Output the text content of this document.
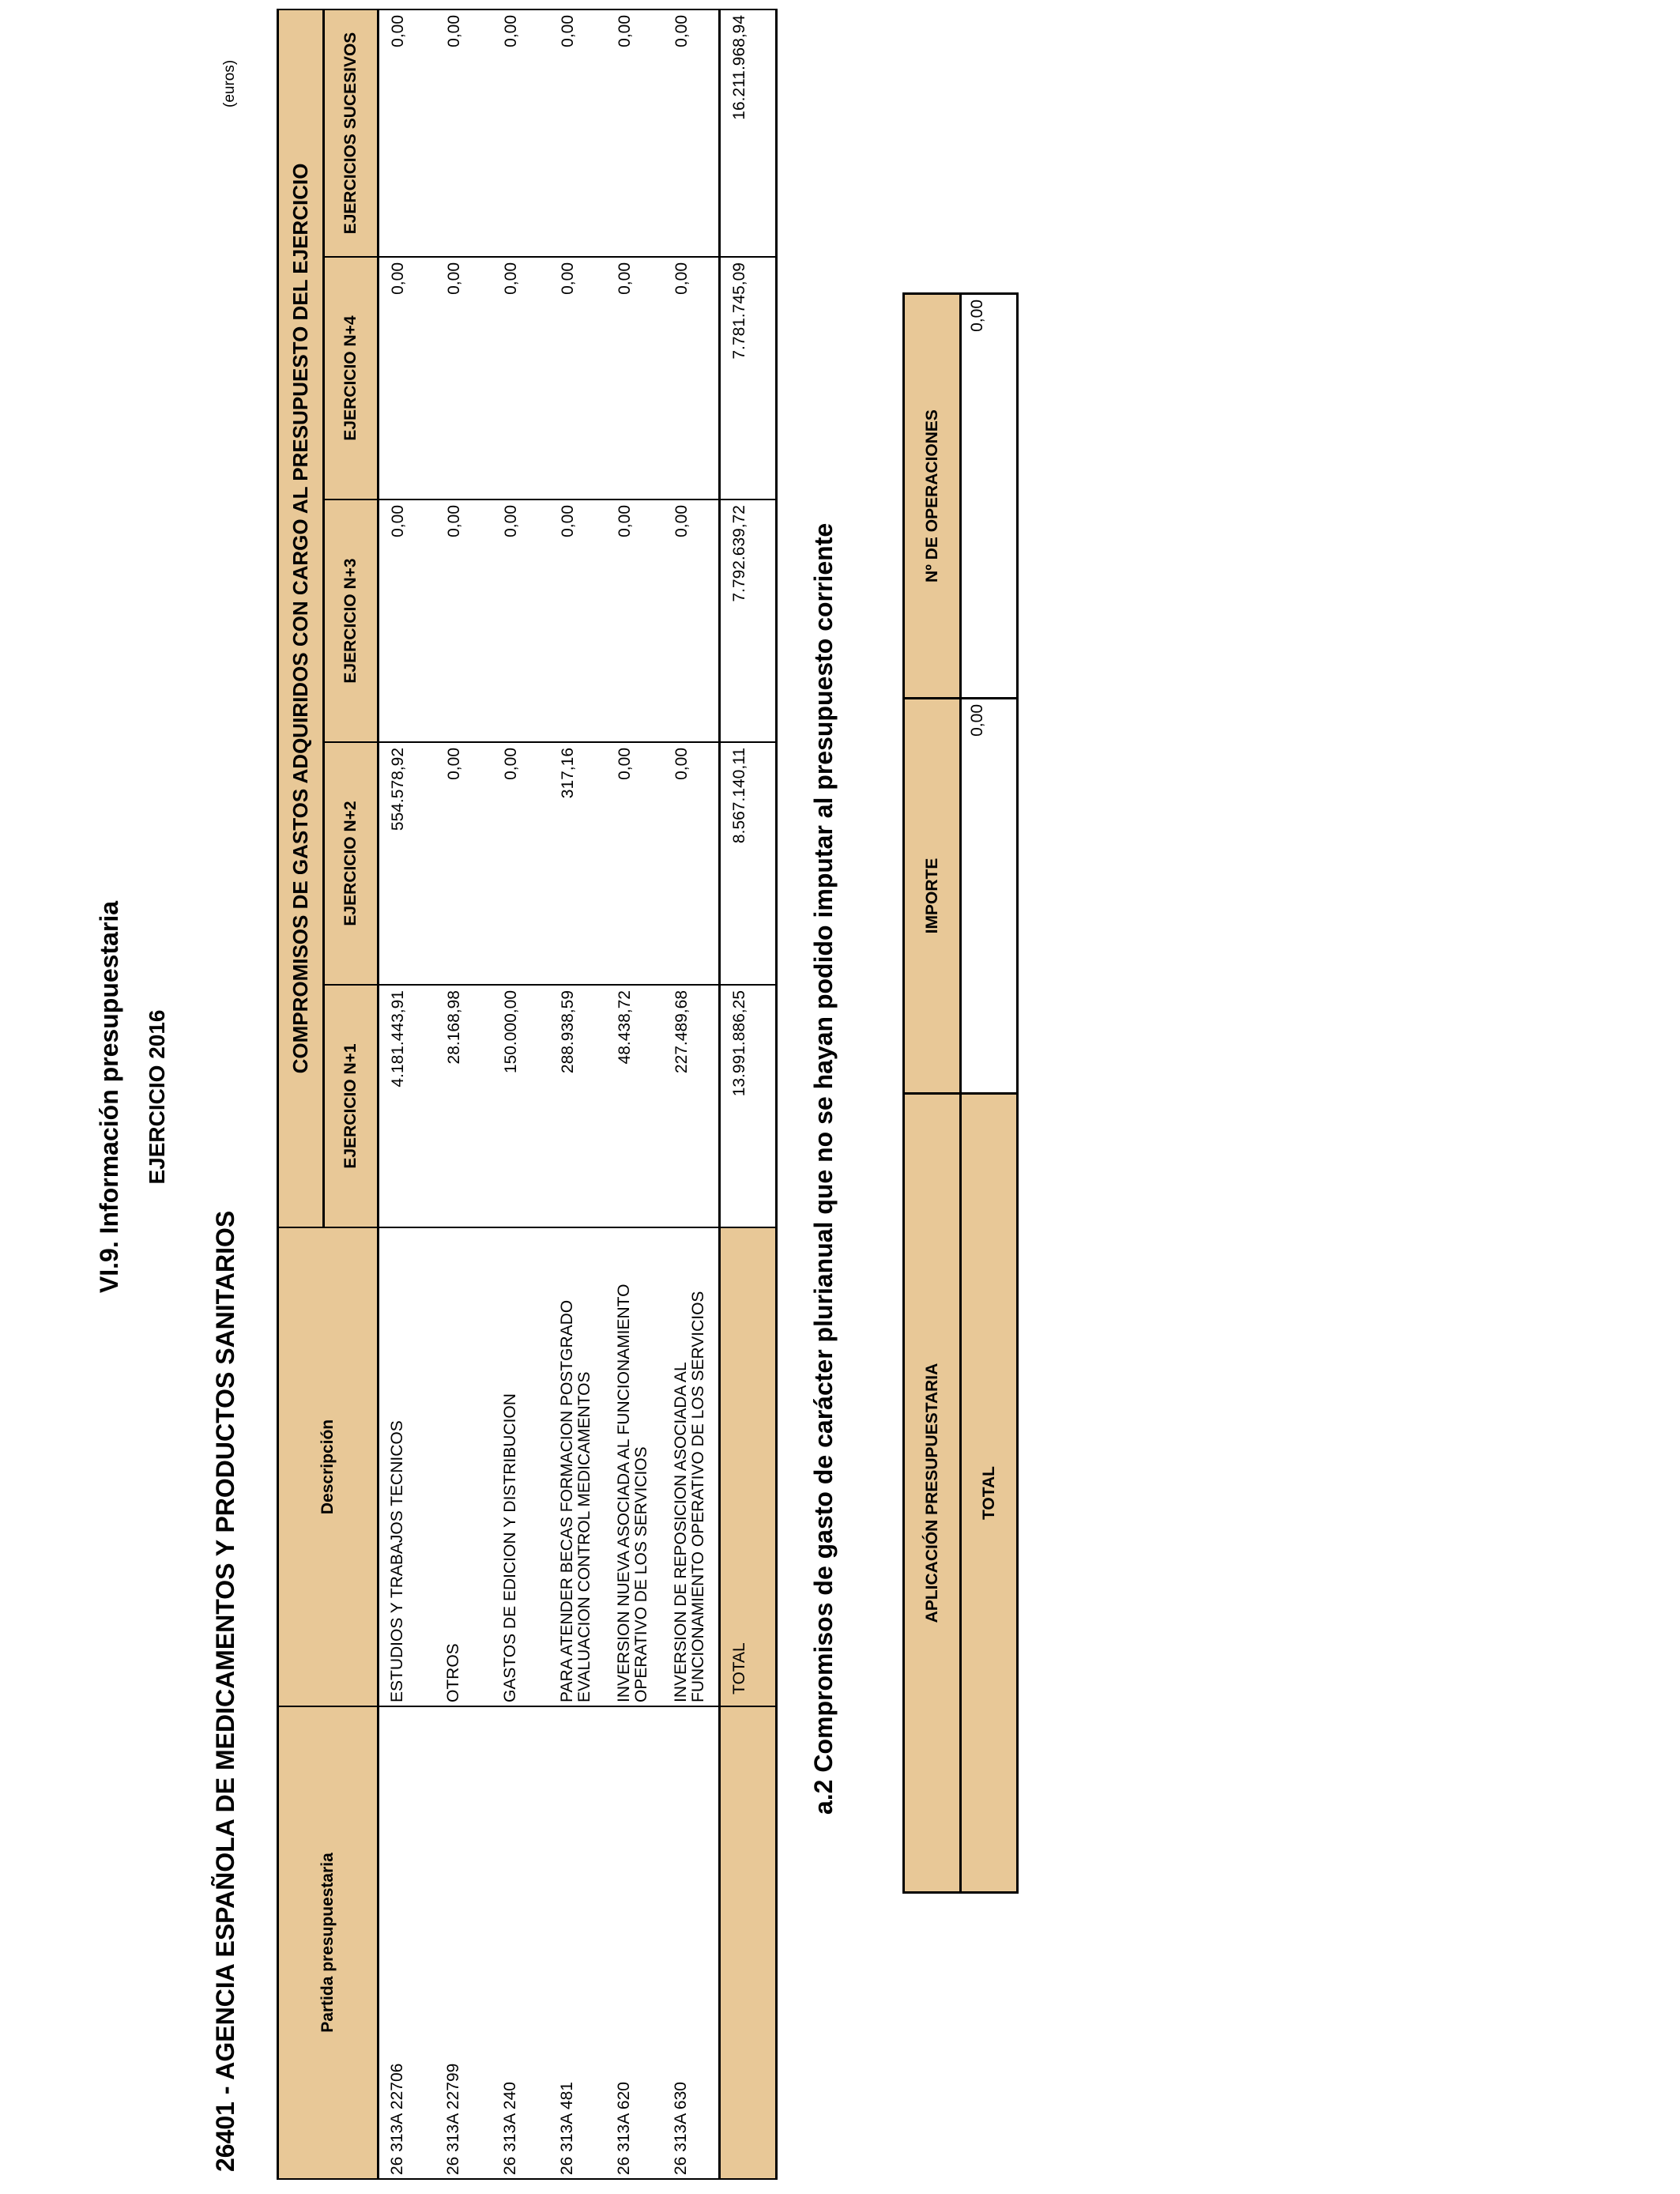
VI.9. Información presupuestaria EJERCICIO 2016
26401 - AGENCIA ESPAÑOLA DE MEDICAMENTOS Y PRODUCTOS SANITARIOS
(euros)
Partida presupuestaria	Descripción	COMPROMISOS DE GASTOS ADQUIRIDOS CON CARGO AL PRESUPUESTO DEL EJERCICIO				
		EJERCICIO N+1	EJERCICIO N+2	EJERCICIO N+3	EJERCICIO N+4	EJERCICIOS SUCESIVOS
26 313A 22706	ESTUDIOS Y TRABAJOS TECNICOS	4.181.443,91	554.578,92	0,00	0,00	0,00
26 313A 22799	OTROS	28.168,98	0,00	0,00	0,00	0,00
26 313A 240	GASTOS DE EDICION Y DISTRIBUCION	150.000,00	0,00	0,00	0,00	0,00
26 313A 481	PARA ATENDER BECAS FORMACION POSTGRADO EVALUACION CONTROL MEDICAMENTOS	288.938,59	317,16	0,00	0,00	0,00
26 313A 620	INVERSION NUEVA ASOCIADA AL FUNCIONAMIENTO OPERATIVO DE LOS SERVICIOS	48.438,72	0,00	0,00	0,00	0,00
26 313A 630	INVERSION DE REPOSICION ASOCIADA AL FUNCIONAMIENTO OPERATIVO DE LOS SERVICIOS	227.489,68	0,00	0,00	0,00	0,00
	TOTAL	13.991.886,25	8.567.140,11	7.792.639,72	7.781.745,09	16.211.968,94
a.2 Compromisos de gasto de carácter plurianual que no se hayan podido imputar al presupuesto corriente	APLICACIÓN PRESUPUESTARIA	IMPORTE	Nº DE OPERACIONES
TOTAL	0,00	0,00
